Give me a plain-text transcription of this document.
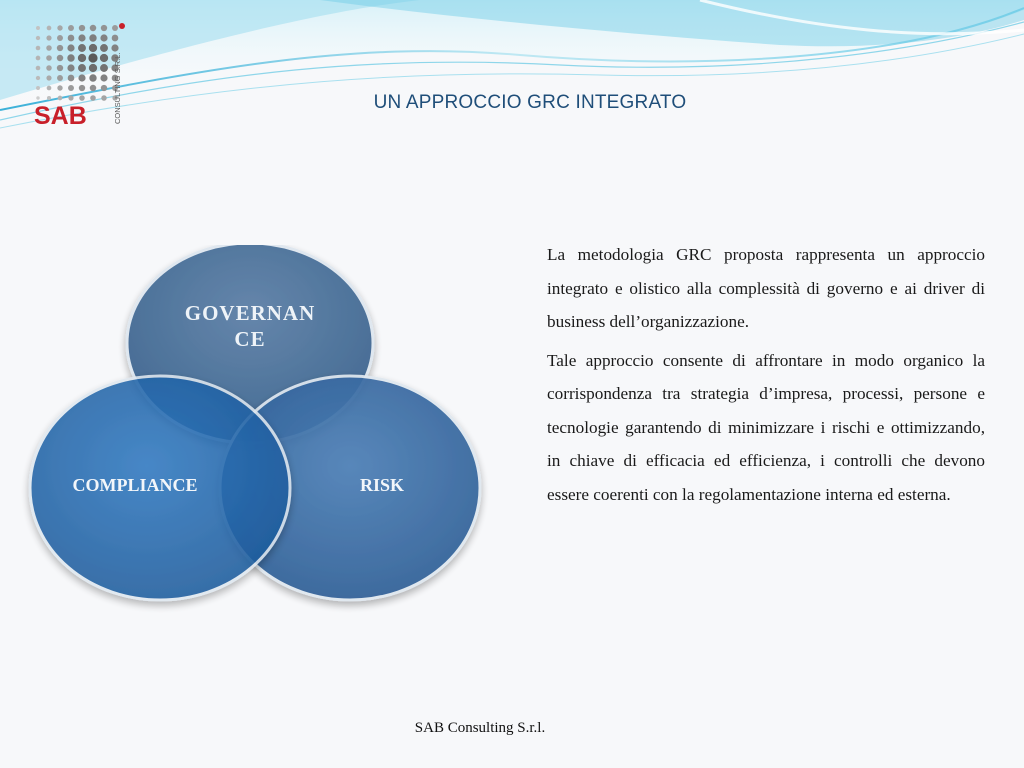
SAB	CONSULTING S.R.L.	UN APPROCCIO GRC INTEGRATO
GOVERNAN
CE
COMPLIANCE	RISK

La metodologia GRC proposta rappresenta un approccio integrato e olistico alla complessità di governo e ai driver di business dell’organizzazione.

Tale approccio consente di affrontare in modo organico la corrispondenza tra strategia d’impresa, processi, persone e tecnologie garantendo di minimizzare i rischi e ottimizzando, in chiave di efficacia ed efficienza, i controlli che devono essere coerenti con la regolamentazione interna ed esterna.

SAB Consulting S.r.l.
